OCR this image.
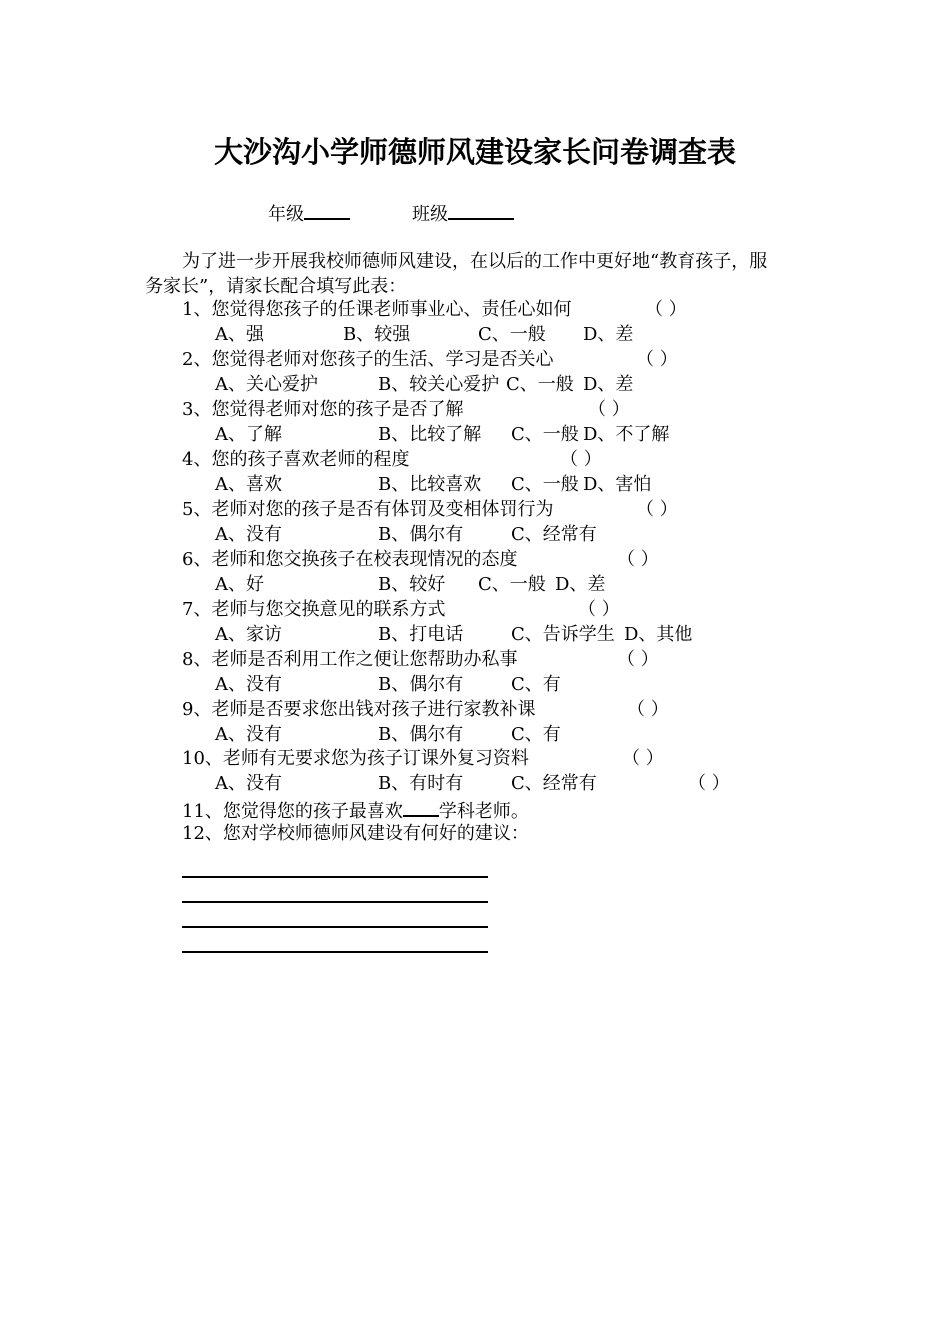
大沙沟小学师德师风建设家长问卷调查表
年级	班级
为了进一步开展我校师德师风建设，在以后的工作中更好地“教育孩子，服
务家长”，请家长配合填写此表：
1、您觉得您孩子的任课老师事业心、责任心如何	（ ）
A、强	B、较强	C、一般 D、差
2、您觉得老师对您孩子的生活、学习是否关心	（ ）
A、关心爱护	B、较关心爱护 C、一般 D、差
3、您觉得老师对您的孩子是否了解	（ ）
A、了解	B、比较了解 C、一般 D、不了解
4、您的孩子喜欢老师的程度	（ ）
A、喜欢	B、比较喜欢 C、一般 D、害怕
5、老师对您的孩子是否有体罚及变相体罚行为	（ ）
A、没有	B、偶尔有	C、经常有
6、老师和您交换孩子在校表现情况的态度	（ ）
A、好	B、较好 C、一般 D、差
7、老师与您交换意见的联系方式	（ ）
A、家访	B、打电话	C、告诉学生 D、其他
8、老师是否利用工作之便让您帮助办私事	（ ）
A、没有	B、偶尔有	C、有
9、老师是否要求您出钱对孩子进行家教补课	（ ）
A、没有	B、偶尔有	C、有
10、老师有无要求您为孩子订课外复习资料	（ ）
A、没有	B、有时有	C、经常有	（ ）
11、您觉得您的孩子最喜欢 学科老师。
12、您对学校师德师风建设有何好的建议：
